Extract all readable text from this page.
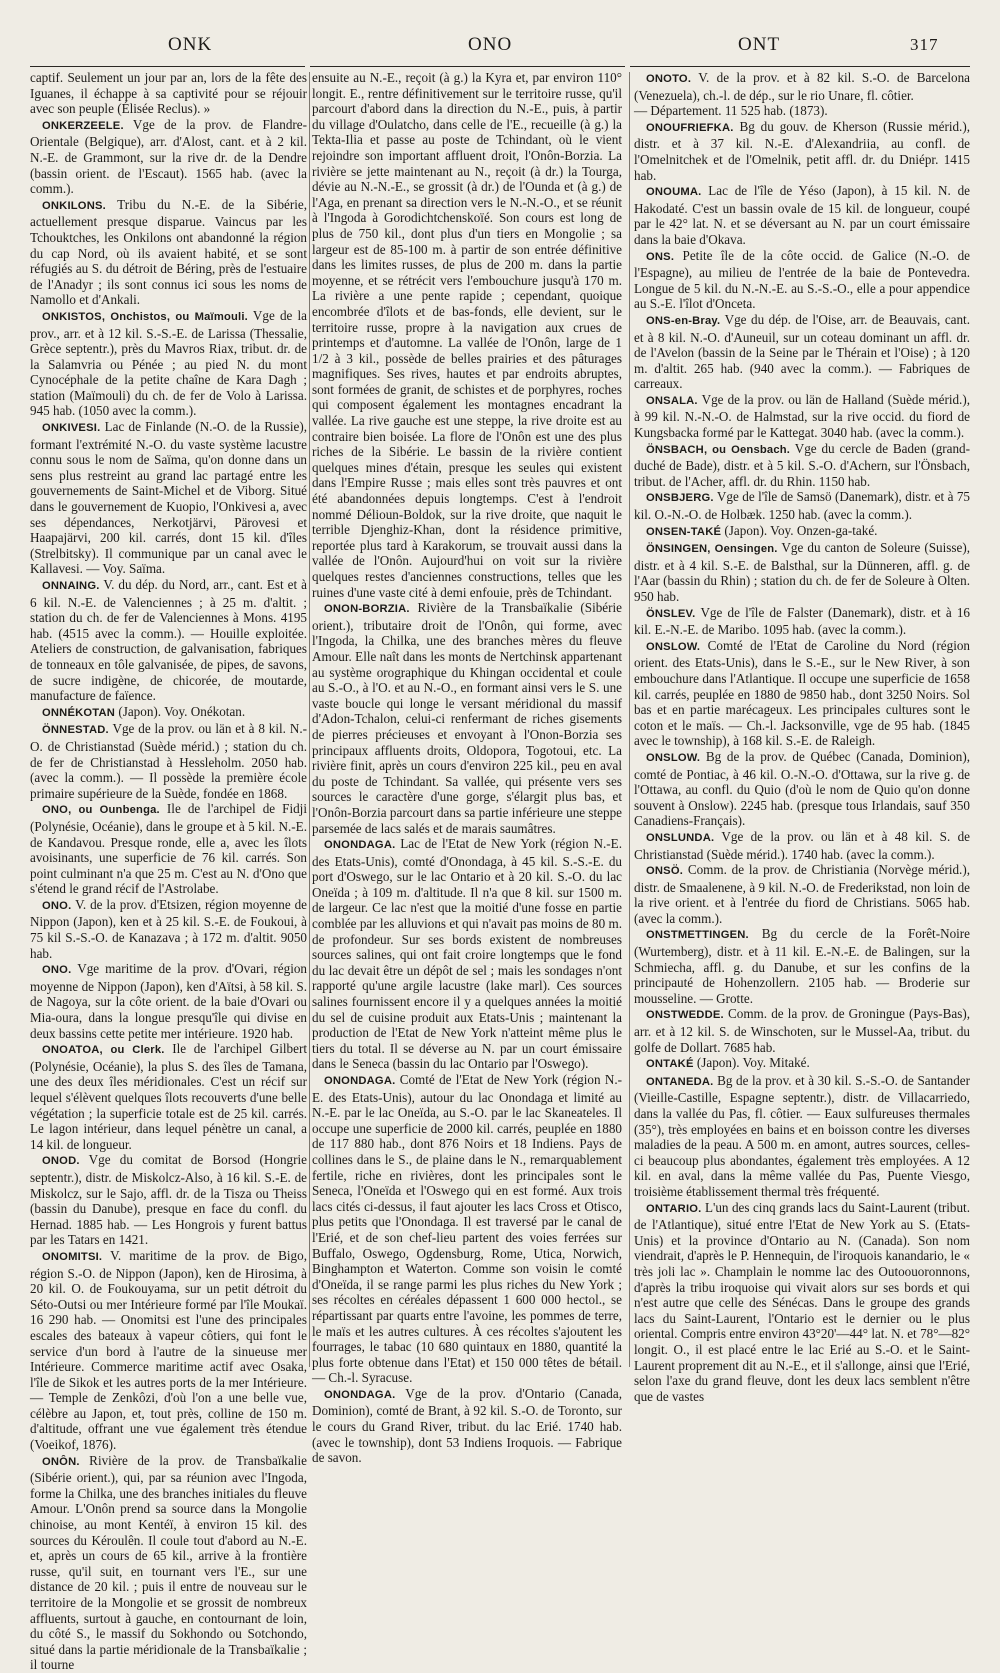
ONK	ONO	ONT	317

captif. Seulement un jour par an, lors de la fête des Iguanes, il échappe à sa captivité pour se réjouir avec son peuple (Élisée Reclus). »

ONKERZEELE. Vge de la prov. de Flandre-Orientale (Belgique), arr. d'Alost, cant. et à 2 kil. N.-E. de Grammont, sur la rive dr. de la Dendre (bassin orient. de l'Escaut). 1565 hab. (avec la comm.).

ONKILONS. Tribu du N.-E. de la Sibérie, actuellement presque disparue. Vaincus par les Tchouktches, les Onkilons ont abandonné la région du cap Nord, où ils avaient habité, et se sont réfugiés au S. du détroit de Béring, près de l'estuaire de l'Anadyr ; ils sont connus ici sous les noms de Namollo et d'Ankali.

ONKISTOS, Onchistos, ou Maïmouli. Vge de la prov., arr. et à 12 kil. S.-S.-E. de Larissa (Thessalie, Grèce septentr.), près du Mavros Riax, tribut. dr. de la Salamvria ou Pénée ; au pied N. du mont Cynocéphale de la petite chaîne de Kara Dagh ; station (Maïmouli) du ch. de fer de Volo à Larissa. 945 hab. (1050 avec la comm.).

ONKIVESI. Lac de Finlande (N.-O. de la Russie), formant l'extrémité N.-O. du vaste système lacustre connu sous le nom de Saïma, qu'on donne dans un sens plus restreint au grand lac partagé entre les gouvernements de Saint-Michel et de Viborg. Situé dans le gouvernement de Kuopio, l'Onkivesi a, avec ses dépendances, Nerkotjärvi, Pärovesi et Haapajärvi, 200 kil. carrés, dont 15 kil. d'îles (Strelbitsky). Il communique par un canal avec le Kallavesi. — Voy. Saïma.

ONNAING. V. du dép. du Nord, arr., cant. Est et à 6 kil. N.-E. de Valenciennes ; à 25 m. d'altit. ; station du ch. de fer de Valenciennes à Mons. 4195 hab. (4515 avec la comm.). — Houille exploitée. Ateliers de construction, de galvanisation, fabriques de tonneaux en tôle galvanisée, de pipes, de savons, de sucre indigène, de chicorée, de moutarde, manufacture de faïence.

ONNÉKOTAN (Japon). Voy. Onékotan.

ÖNNESTAD. Vge de la prov. ou län et à 8 kil. N.-O. de Christianstad (Suède mérid.) ; station du ch. de fer de Christianstad à Hessleholm. 2050 hab. (avec la comm.). — Il possède la première école primaire supérieure de la Suède, fondée en 1868.

ONO, ou Ounbenga. Ile de l'archipel de Fidji (Polynésie, Océanie), dans le groupe et à 5 kil. N.-E. de Kandavou. Presque ronde, elle a, avec les îlots avoisinants, une superficie de 76 kil. carrés. Son point culminant n'a que 25 m. C'est au N. d'Ono que s'étend le grand récif de l'Astrolabe.

ONO. V. de la prov. d'Etsizen, région moyenne de Nippon (Japon), ken et à 25 kil. S.-E. de Foukoui, à 75 kil S.-S.-O. de Kanazava ; à 172 m. d'altit. 9050 hab.

ONO. Vge maritime de la prov. d'Ovari, région moyenne de Nippon (Japon), ken d'Aïtsi, à 58 kil. S. de Nagoya, sur la côte orient. de la baie d'Ovari ou Mia-oura, dans la longue presqu'île qui divise en deux bassins cette petite mer intérieure. 1920 hab.

ONOATOA, ou Clerk. Ile de l'archipel Gilbert (Polynésie, Océanie), la plus S. des îles de Tamana, une des deux îles méridionales. C'est un récif sur lequel s'élèvent quelques îlots recouverts d'une belle végétation ; la superficie totale est de 25 kil. carrés. Le lagon intérieur, dans lequel pénètre un canal, a 14 kil. de longueur.

ONOD. Vge du comitat de Borsod (Hongrie septentr.), distr. de Miskolcz-Also, à 16 kil. S.-E. de Miskolcz, sur le Sajo, affl. dr. de la Tisza ou Theiss (bassin du Danube), presque en face du confl. du Hernad. 1885 hab. — Les Hongrois y furent battus par les Tatars en 1421.

ONOMITSI. V. maritime de la prov. de Bigo, région S.-O. de Nippon (Japon), ken de Hirosima, à 20 kil. O. de Foukouyama, sur un petit détroit du Séto-Outsi ou mer Intérieure formé par l'île Moukaï. 16 290 hab. — Onomitsi est l'une des principales escales des bateaux à vapeur côtiers, qui font le service d'un bord à l'autre de la sinueuse mer Intérieure. Commerce maritime actif avec Osaka, l'île de Sikok et les autres ports de la mer Intérieure. — Temple de Zenkôzi, d'où l'on a une belle vue, célèbre au Japon, et, tout près, colline de 150 m. d'altitude, offrant une vue également très étendue (Voeikof, 1876).

ONÔN. Rivière de la prov. de Transbaïkalie (Sibérie orient.), qui, par sa réunion avec l'Ingoda, forme la Chilka, une des branches initiales du fleuve Amour. L'Onôn prend sa source dans la Mongolie chinoise, au mont Kentéï, à environ 15 kil. des sources du Kéroulên. Il coule tout d'abord au N.-E. et, après un cours de 65 kil., arrive à la frontière russe, qu'il suit, en tournant vers l'E., sur une distance de 20 kil. ; puis il entre de nouveau sur le territoire de la Mongolie et se grossit de nombreux affluents, surtout à gauche, en contournant de loin, du côté S., le massif du Sokhondo ou Sotchondo, situé dans la partie méridionale de la Transbaïkalie ; il tourne

ensuite au N.-E., reçoit (à g.) la Kyra et, par environ 110° longit. E., rentre définitivement sur le territoire russe, qu'il parcourt d'abord dans la direction du N.-E., puis, à partir du village d'Oulatcho, dans celle de l'E., recueille (à g.) la Tekta-Ilia et passe au poste de Tchindant, où le vient rejoindre son important affluent droit, l'Onôn-Borzia. La rivière se jette maintenant au N., reçoit (à dr.) la Tourga, dévie au N.-N.-E., se grossit (à dr.) de l'Ounda et (à g.) de l'Aga, en prenant sa direction vers le N.-N.-O., et se réunit à l'Ingoda à Gorodichtchenskoïé. Son cours est long de plus de 750 kil., dont plus d'un tiers en Mongolie ; sa largeur est de 85-100 m. à partir de son entrée définitive dans les limites russes, de plus de 200 m. dans la partie moyenne, et se rétrécit vers l'embouchure jusqu'à 170 m. La rivière a une pente rapide ; cependant, quoique encombrée d'îlots et de bas-fonds, elle devient, sur le territoire russe, propre à la navigation aux crues de printemps et d'automne. La vallée de l'Onôn, large de 1 1/2 à 3 kil., possède de belles prairies et des pâturages magnifiques. Ses rives, hautes et par endroits abruptes, sont formées de granit, de schistes et de porphyres, roches qui composent également les montagnes encadrant la vallée. La rive gauche est une steppe, la rive droite est au contraire bien boisée. La flore de l'Onôn est une des plus riches de la Sibérie. Le bassin de la rivière contient quelques mines d'étain, presque les seules qui existent dans l'Empire Russe ; mais elles sont très pauvres et ont été abandonnées depuis longtemps. C'est à l'endroit nommé Délioun-Boldok, sur la rive droite, que naquit le terrible Djenghiz-Khan, dont la résidence primitive, reportée plus tard à Karakorum, se trouvait aussi dans la vallée de l'Onôn. Aujourd'hui on voit sur la rivière quelques restes d'anciennes constructions, telles que les ruines d'une vaste cité à demi enfouie, près de Tchindant.

ONON-BORZIA. Rivière de la Transbaïkalie (Sibérie orient.), tributaire droit de l'Onôn, qui forme, avec l'Ingoda, la Chilka, une des branches mères du fleuve Amour. Elle naît dans les monts de Nertchinsk appartenant au système orographique du Khingan occidental et coule au S.-O., à l'O. et au N.-O., en formant ainsi vers le S. une vaste boucle qui longe le versant méridional du massif d'Adon-Tchalon, celui-ci renfermant de riches gisements de pierres précieuses et envoyant à l'Onon-Borzia ses principaux affluents droits, Oldopora, Togotoui, etc. La rivière finit, après un cours d'environ 225 kil., peu en aval du poste de Tchindant. Sa vallée, qui présente vers ses sources le caractère d'une gorge, s'élargit plus bas, et l'Onôn-Borzia parcourt dans sa partie inférieure une steppe parsemée de lacs salés et de marais saumâtres.

ONONDAGA. Lac de l'Etat de New York (région N.-E. des Etats-Unis), comté d'Onondaga, à 45 kil. S.-S.-E. du port d'Oswego, sur le lac Ontario et à 20 kil. S.-O. du lac Oneïda ; à 109 m. d'altitude. Il n'a que 8 kil. sur 1500 m. de largeur. Ce lac n'est que la moitié d'une fosse en partie comblée par les alluvions et qui n'avait pas moins de 80 m. de profondeur. Sur ses bords existent de nombreuses sources salines, qui ont fait croire longtemps que le fond du lac devait être un dépôt de sel ; mais les sondages n'ont rapporté qu'une argile lacustre (lake marl). Ces sources salines fournissent encore il y a quelques années la moitié du sel de cuisine produit aux Etats-Unis ; maintenant la production de l'Etat de New York n'atteint même plus le tiers du total. Il se déverse au N. par un court émissaire dans le Seneca (bassin du lac Ontario par l'Oswego).

ONONDAGA. Comté de l'Etat de New York (région N.-E. des Etats-Unis), autour du lac Onondaga et limité au N.-E. par le lac Oneïda, au S.-O. par le lac Skaneateles. Il occupe une superficie de 2000 kil. carrés, peuplée en 1880 de 117 880 hab., dont 876 Noirs et 18 Indiens. Pays de collines dans le S., de plaine dans le N., remarquablement fertile, riche en rivières, dont les principales sont le Seneca, l'Oneïda et l'Oswego qui en est formé. Aux trois lacs cités ci-dessus, il faut ajouter les lacs Cross et Otisco, plus petits que l'Onondaga. Il est traversé par le canal de l'Erié, et de son chef-lieu partent des voies ferrées sur Buffalo, Oswego, Ogdensburg, Rome, Utica, Norwich, Binghampton et Waterton. Comme son voisin le comté d'Oneïda, il se range parmi les plus riches du New York ; ses récoltes en céréales dépassent 1 600 000 hectol., se répartissant par quarts entre l'avoine, les pommes de terre, le maïs et les autres cultures. À ces récoltes s'ajoutent les fourrages, le tabac (10 680 quintaux en 1880, quantité la plus forte obtenue dans l'Etat) et 150 000 têtes de bétail. — Ch.-l. Syracuse.

ONONDAGA. Vge de la prov. d'Ontario (Canada, Dominion), comté de Brant, à 92 kil. S.-O. de Toronto, sur le cours du Grand River, tribut. du lac Erié. 1740 hab. (avec le township), dont 53 Indiens Iroquois. — Fabrique de savon.

ONOTO. V. de la prov. et à 82 kil. S.-O. de Barcelona (Venezuela), ch.-l. de dép., sur le rio Unare, fl. côtier.

— Département. 11 525 hab. (1873).

ONOUFRIEFKA. Bg du gouv. de Kherson (Russie mérid.), distr. et à 37 kil. N.-E. d'Alexandriia, au confl. de l'Omelnitchek et de l'Omelnik, petit affl. dr. du Dniépr. 1415 hab.

ONOUMA. Lac de l'île de Yéso (Japon), à 15 kil. N. de Hakodaté. C'est un bassin ovale de 15 kil. de longueur, coupé par le 42° lat. N. et se déversant au N. par un court émissaire dans la baie d'Okava.

ONS. Petite île de la côte occid. de Galice (N.-O. de l'Espagne), au milieu de l'entrée de la baie de Pontevedra. Longue de 5 kil. du N.-N.-E. au S.-S.-O., elle a pour appendice au S.-E. l'îlot d'Onceta.

ONS-en-Bray. Vge du dép. de l'Oise, arr. de Beauvais, cant. et à 8 kil. N.-O. d'Auneuil, sur un coteau dominant un affl. dr. de l'Avelon (bassin de la Seine par le Thérain et l'Oise) ; à 120 m. d'altit. 265 hab. (940 avec la comm.). — Fabriques de carreaux.

ONSALA. Vge de la prov. ou län de Halland (Suède mérid.), à 99 kil. N.-N.-O. de Halmstad, sur la rive occid. du fiord de Kungsbacka formé par le Kattegat. 3040 hab. (avec la comm.).

ÖNSBACH, ou Oensbach. Vge du cercle de Baden (grand-duché de Bade), distr. et à 5 kil. S.-O. d'Achern, sur l'Önsbach, tribut. de l'Acher, affl. dr. du Rhin. 1150 hab.

ONSBJERG. Vge de l'île de Samsö (Danemark), distr. et à 75 kil. O.-N.-O. de Holbæk. 1250 hab. (avec la comm.).

ONSEN-TAKÉ (Japon). Voy. Onzen-ga-také.

ÖNSINGEN, Oensingen. Vge du canton de Soleure (Suisse), distr. et à 4 kil. S.-E. de Balsthal, sur la Dünneren, affl. g. de l'Aar (bassin du Rhin) ; station du ch. de fer de Soleure à Olten. 950 hab.

ÖNSLEV. Vge de l'île de Falster (Danemark), distr. et à 16 kil. E.-N.-E. de Maribo. 1095 hab. (avec la comm.).

ONSLOW. Comté de l'Etat de Caroline du Nord (région orient. des Etats-Unis), dans le S.-E., sur le New River, à son embouchure dans l'Atlantique. Il occupe une superficie de 1658 kil. carrés, peuplée en 1880 de 9850 hab., dont 3250 Noirs. Sol bas et en partie marécageux. Les principales cultures sont le coton et le maïs. — Ch.-l. Jacksonville, vge de 95 hab. (1845 avec le township), à 168 kil. S.-E. de Raleigh.

ONSLOW. Bg de la prov. de Québec (Canada, Dominion), comté de Pontiac, à 46 kil. O.-N.-O. d'Ottawa, sur la rive g. de l'Ottawa, au confl. du Quio (d'où le nom de Quio qu'on donne souvent à Onslow). 2245 hab. (presque tous Irlandais, sauf 350 Canadiens-Français).

ONSLUNDA. Vge de la prov. ou län et à 48 kil. S. de Christianstad (Suède mérid.). 1740 hab. (avec la comm.).

ONSÖ. Comm. de la prov. de Christiania (Norvège mérid.), distr. de Smaalenene, à 9 kil. N.-O. de Frederikstad, non loin de la rive orient. et à l'entrée du fiord de Christians. 5065 hab. (avec la comm.).

ONSTMETTINGEN. Bg du cercle de la Forêt-Noire (Wurtemberg), distr. et à 11 kil. E.-N.-E. de Balingen, sur la Schmiecha, affl. g. du Danube, et sur les confins de la principauté de Hohenzollern. 2105 hab. — Broderie sur mousseline. — Grotte.

ONSTWEDDE. Comm. de la prov. de Groningue (Pays-Bas), arr. et à 12 kil. S. de Winschoten, sur le Mussel-Aa, tribut. du golfe de Dollart. 7685 hab.

ONTAKÉ (Japon). Voy. Mitaké.

ONTANEDA. Bg de la prov. et à 30 kil. S.-S.-O. de Santander (Vieille-Castille, Espagne septentr.), distr. de Villacarriedo, dans la vallée du Pas, fl. côtier. — Eaux sulfureuses thermales (35°), très employées en bains et en boisson contre les diverses maladies de la peau. A 500 m. en amont, autres sources, celles-ci beaucoup plus abondantes, également très employées. A 12 kil. en aval, dans la même vallée du Pas, Puente Viesgo, troisième établissement thermal très fréquenté.

ONTARIO. L'un des cinq grands lacs du Saint-Laurent (tribut. de l'Atlantique), situé entre l'Etat de New York au S. (Etats-Unis) et la province d'Ontario au N. (Canada). Son nom viendrait, d'après le P. Hennequin, de l'iroquois kanandario, le « très joli lac ». Champlain le nomme lac des Outoouoronnons, d'après la tribu iroquoise qui vivait alors sur ses bords et qui n'est autre que celle des Sénécas. Dans le groupe des grands lacs du Saint-Laurent, l'Ontario est le dernier ou le plus oriental. Compris entre environ 43°20'—44° lat. N. et 78°—82° longit. O., il est placé entre le lac Erié au S.-O. et le Saint-Laurent proprement dit au N.-E., et il s'allonge, ainsi que l'Erié, selon l'axe du grand fleuve, dont les deux lacs semblent n'être que de vastes
